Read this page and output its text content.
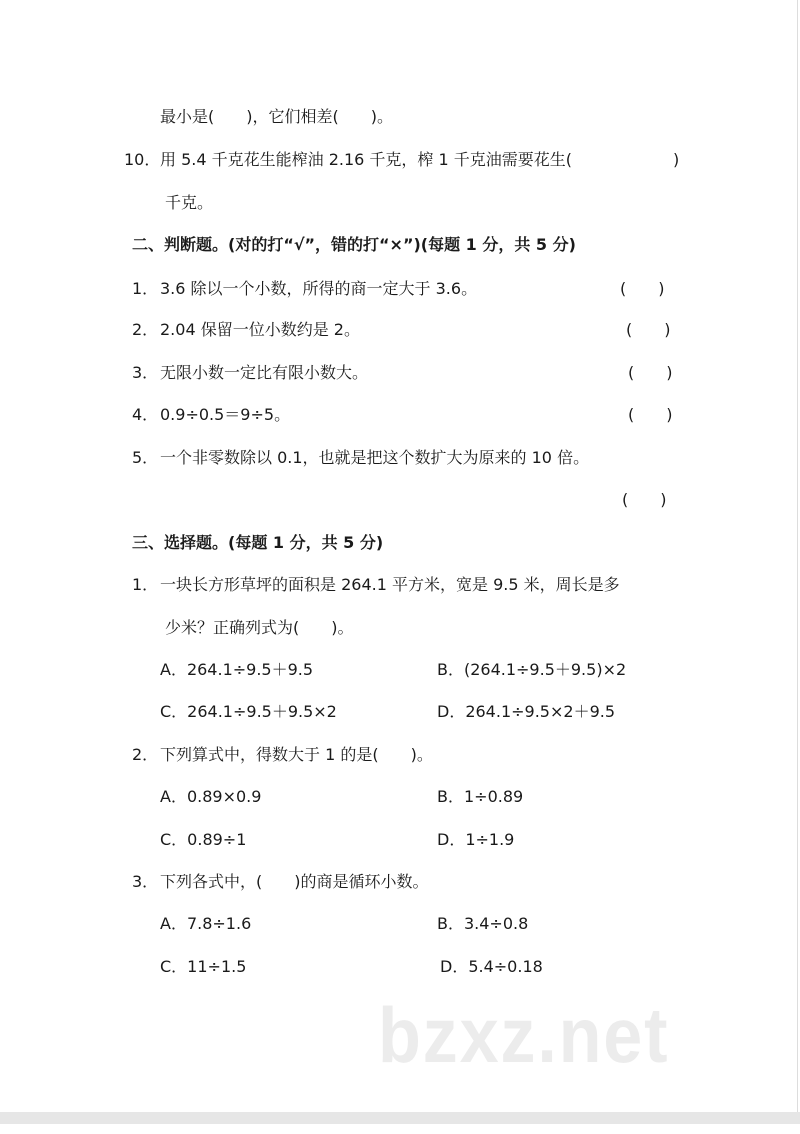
最小是(　　)，它们相差(　　)。
10． 用 5.4 千克花生能榨油 2.16 千克，榨 1 千克油需要花生(	)
千克。
二、判断题。(对的打“√”，错的打“×”)(每题 1 分，共 5 分)
1． 3.6 除以一个小数，所得的商一定大于 3.6。	(　　)
2． 2.04 保留一位小数约是 2。	(　　)
3． 无限小数一定比有限小数大。	(　　)
4． 0.9÷0.5＝9÷5。	(　　)
5． 一个非零数除以 0.1，也就是把这个数扩大为原来的 10 倍。
(　　)
三、选择题。(每题 1 分，共 5 分)
1． 一块长方形草坪的面积是 264.1 平方米，宽是 9.5 米，周长是多
少米？正确列式为(　　)。
A．264.1÷9.5＋9.5	B．(264.1÷9.5＋9.5)×2
C．264.1÷9.5＋9.5×2	D．264.1÷9.5×2＋9.5
2． 下列算式中，得数大于 1 的是(　　)。
A．0.89×0.9	B．1÷0.89
C．0.89÷1	D．1÷1.9
3． 下列各式中，(　　)的商是循环小数。
A．7.8÷1.6	B．3.4÷0.8
C．11÷1.5	D．5.4÷0.18
bzxz.net
